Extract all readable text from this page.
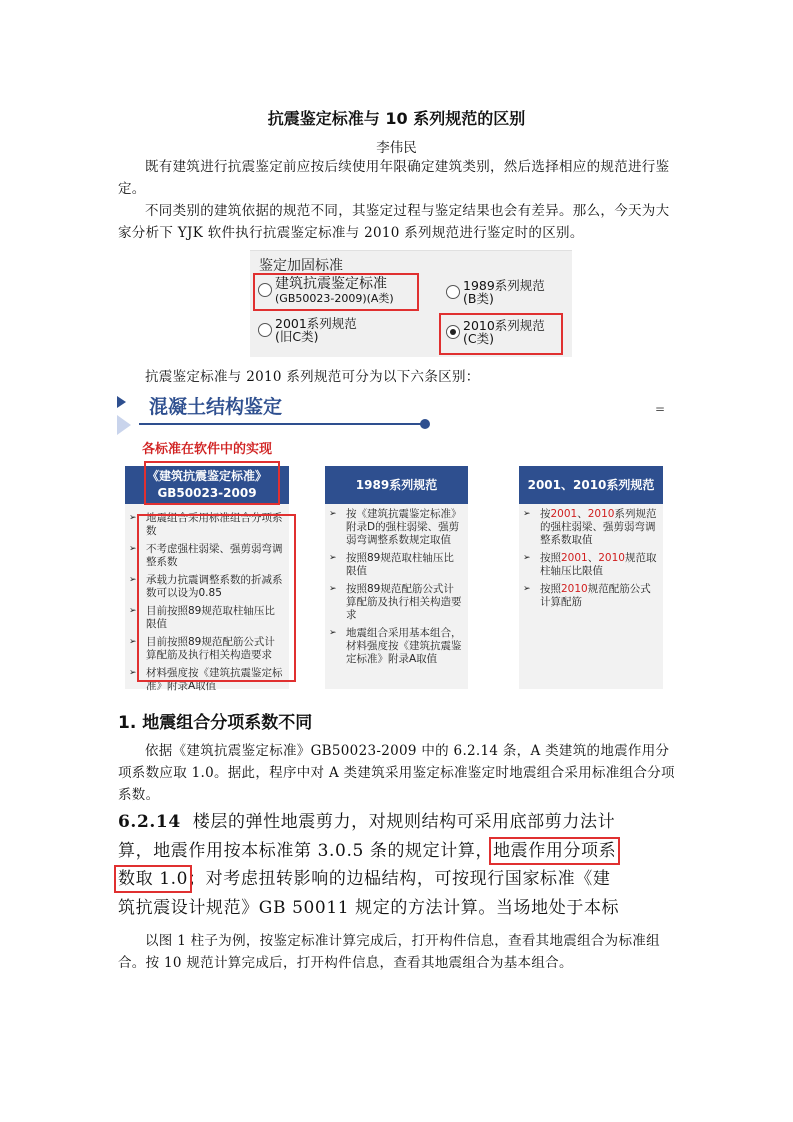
抗震鉴定标准与 10 系列规范的区别
李伟民
既有建筑进行抗震鉴定前应按后续使用年限确定建筑类别，然后选择相应的规范进行鉴定。
不同类别的建筑依据的规范不同，其鉴定过程与鉴定结果也会有差异。那么，今天为大家分析下 YJK 软件执行抗震鉴定标准与 2010 系列规范进行鉴定时的区别。
鉴定加固标准
建筑抗震鉴定标准
(GB50023-2009)(A类)
1989系列规范
(B类)
2001系列规范
(旧C类)
2010系列规范
(C类)
抗震鉴定标准与 2010 系列规范可分为以下六条区别：
混凝土结构鉴定	=
各标准在软件中的实现
《建筑抗震鉴定标准》
GB50023-2009
➢ 地震组合采用标准组合分项系数
➢ 不考虑强柱弱梁、强剪弱弯调整系数
➢ 承载力抗震调整系数的折减系数可以设为0.85
➢ 目前按照89规范取柱轴压比限值
➢ 目前按照89规范配筋公式计算配筋及执行相关构造要求
➢ 材料强度按《建筑抗震鉴定标准》附录A取值
1989系列规范
➢ 按《建筑抗震鉴定标准》附录D的强柱弱梁、强剪弱弯调整系数规定取值
➢ 按照89规范取柱轴压比限值
➢ 按照89规范配筋公式计算配筋及执行相关构造要求
➢ 地震组合采用基本组合，材料强度按《建筑抗震鉴定标准》附录A取值
2001、2010系列规范
➢ 按2001、2010系列规范的强柱弱梁、强剪弱弯调整系数取值
➢ 按照2001、2010规范取柱轴压比限值
➢ 按照2010规范配筋公式计算配筋
1. 地震组合分项系数不同
依据《建筑抗震鉴定标准》GB50023-2009 中的 6.2.14 条，A 类建筑的地震作用分项系数应取 1.0。据此，程序中对 A 类建筑采用鉴定标准鉴定时地震组合采用标准组合分项系数。
6.2.14 楼层的弹性地震剪力，对规则结构可采用底部剪力法计
算，地震作用按本标准第 3.0.5 条的规定计算，地震作用分项系
数取 1.0；对考虑扭转影响的边榀结构，可按现行国家标准《建
筑抗震设计规范》GB 50011 规定的方法计算。当场地处于本标
以图 1 柱子为例，按鉴定标准计算完成后，打开构件信息，查看其地震组合为标准组合。按 10 规范计算完成后，打开构件信息，查看其地震组合为基本组合。
